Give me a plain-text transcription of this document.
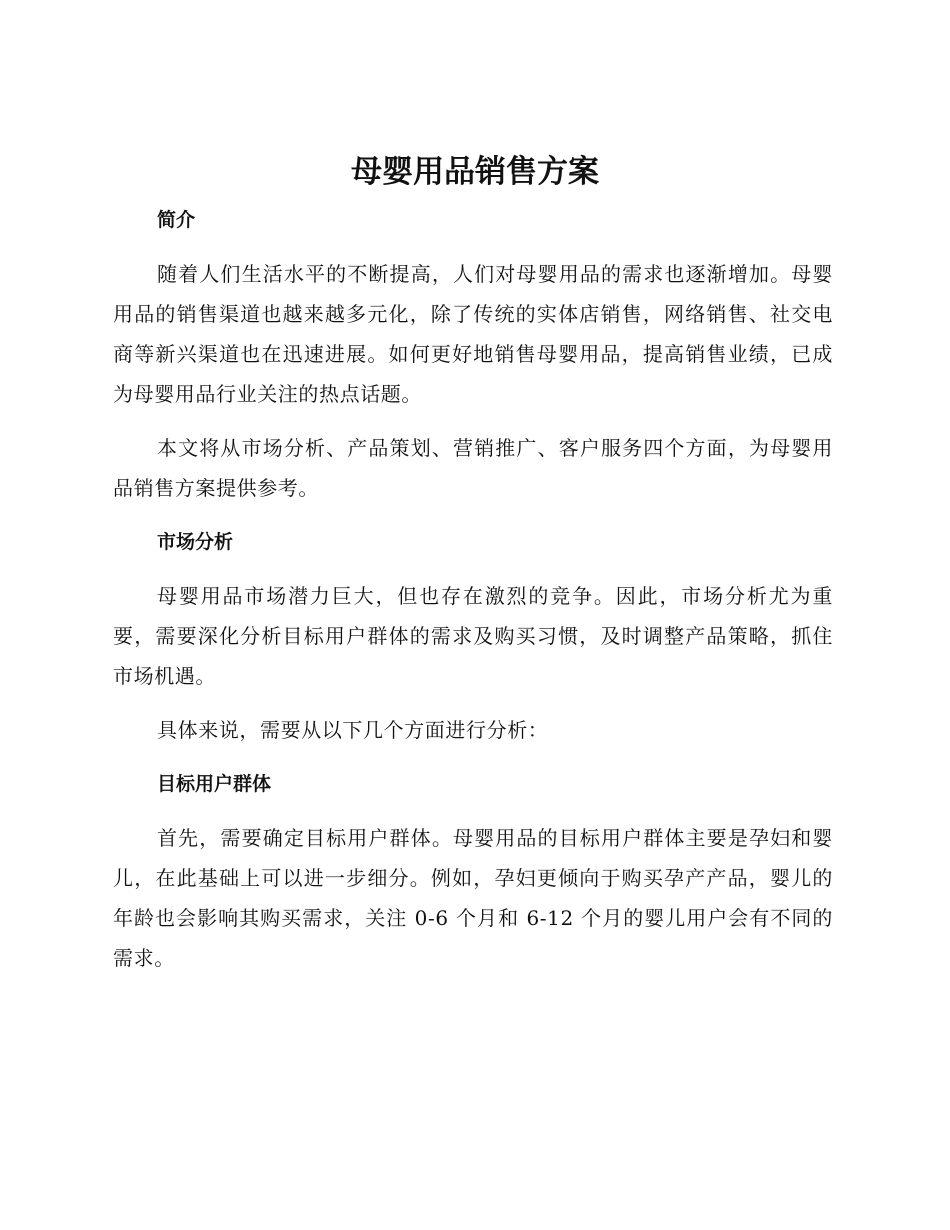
母婴用品销售方案
简介

随着人们生活水平的不断提高，人们对母婴用品的需求也逐渐增加。母婴用品的销售渠道也越来越多元化，除了传统的实体店销售，网络销售、社交电商等新兴渠道也在迅速进展。如何更好地销售母婴用品，提高销售业绩，已成为母婴用品行业关注的热点话题。

本文将从市场分析、产品策划、营销推广、客户服务四个方面，为母婴用品销售方案提供参考。

市场分析

母婴用品市场潜力巨大，但也存在激烈的竞争。因此，市场分析尤为重要，需要深化分析目标用户群体的需求及购买习惯，及时调整产品策略，抓住市场机遇。

具体来说，需要从以下几个方面进行分析：

目标用户群体

首先，需要确定目标用户群体。母婴用品的目标用户群体主要是孕妇和婴儿，在此基础上可以进一步细分。例如，孕妇更倾向于购买孕产产品，婴儿的年龄也会影响其购买需求，关注 0-6 个月和 6-12 个月的婴儿用户会有不同的需求。
